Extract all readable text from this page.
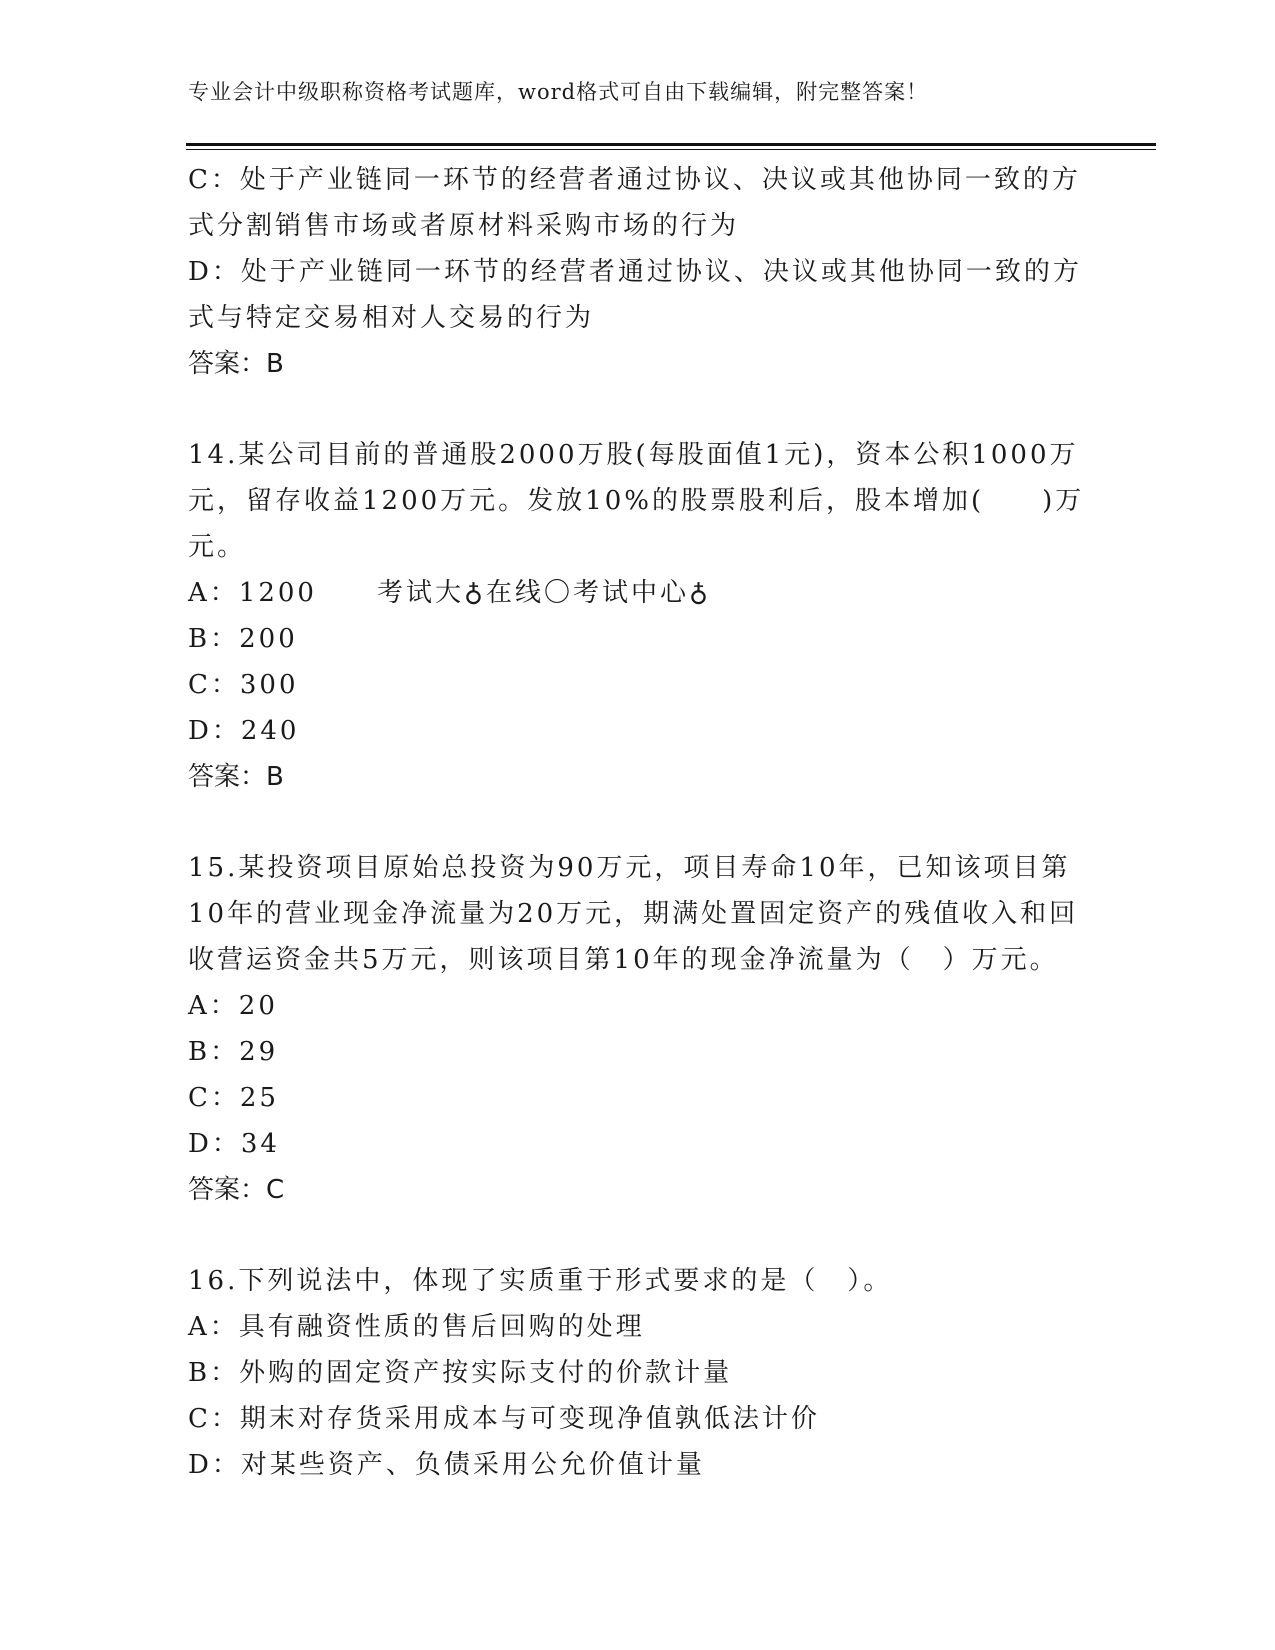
专业会计中级职称资格考试题库，word格式可自由下载编辑，附完整答案！
C：处于产业链同一环节的经营者通过协议、决议或其他协同一致的方
式分割销售市场或者原材料采购市场的行为
D：处于产业链同一环节的经营者通过协议、决议或其他协同一致的方
式与特定交易相对人交易的行为
答案：B
14.某公司目前的普通股2000万股(每股面值1元)，资本公积1000万
元，留存收益1200万元。发放10%的股票股利后，股本增加(　　)万
元。
A：1200 考试大♁在线〇考试中心♁
B：200
C：300
D：240
答案：B
15.某投资项目原始总投资为90万元，项目寿命10年，已知该项目第
10年的营业现金净流量为20万元，期满处置固定资产的残值收入和回
收营运资金共5万元，则该项目第10年的现金净流量为（　）万元。
A：20
B：29
C：25
D：34
答案：C
16.下列说法中，体现了实质重于形式要求的是（　）。
A：具有融资性质的售后回购的处理
B：外购的固定资产按实际支付的价款计量
C：期末对存货采用成本与可变现净值孰低法计价
D：对某些资产、负债采用公允价值计量
